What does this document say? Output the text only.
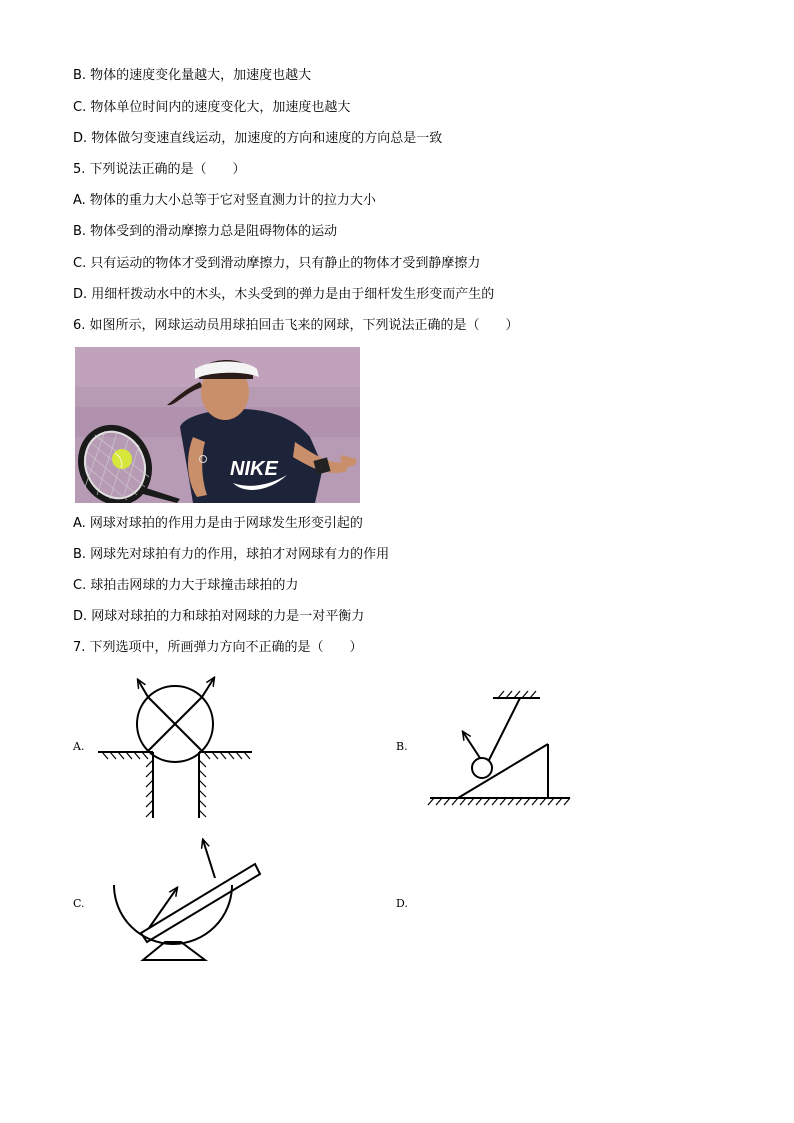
B. 物体的速度变化量越大，加速度也越大
C. 物体单位时间内的速度变化大，加速度也越大
D. 物体做匀变速直线运动，加速度的方向和速度的方向总是一致
5. 下列说法正确的是（　　）
A. 物体的重力大小总等于它对竖直测力计的拉力大小
B. 物体受到的滑动摩擦力总是阻碍物体的运动
C. 只有运动的物体才受到滑动摩擦力，只有静止的物体才受到静摩擦力
D. 用细杆拨动水中的木头，木头受到的弹力是由于细杆发生形变而产生的
6. 如图所示，网球运动员用球拍回击飞来的网球，下列说法正确的是（　　）
NIKE
A. 网球对球拍的作用力是由于网球发生形变引起的
B. 网球先对球拍有力的作用，球拍才对网球有力的作用
C. 球拍击网球的力大于球撞击球拍的力
D. 网球对球拍的力和球拍对网球的力是一对平衡力
7. 下列选项中，所画弹力方向不正确的是（　　）
A.	B.
C.	D.
